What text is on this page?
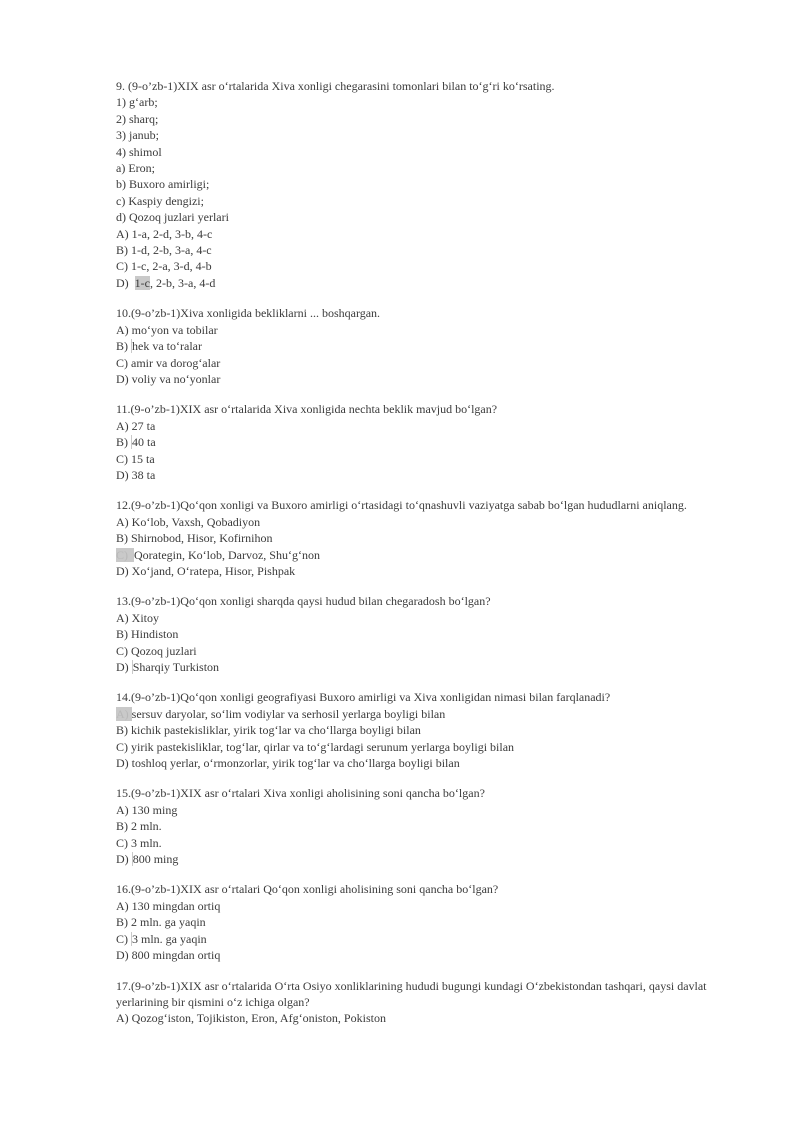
9. (9-o’zb-1)XIX asr o‘rtalarida Xiva xonligi chegarasini tomonlari bilan to‘g‘ri ko‘rsating.
1) g‘arb;
2) sharq;
3) janub;
4) shimol
a) Eron;
b) Buxoro amirligi;
c) Kaspiy dengizi;
d) Qozoq juzlari yerlari
A) 1-a, 2-d, 3-b, 4-c
B) 1-d, 2-b, 3-a, 4-c
C) 1-c, 2-a, 3-d, 4-b
D)  1-c, 2-b, 3-a, 4-d
10.(9-o’zb-1)Xiva xonligida bekliklarni ... boshqargan.
A) mo‘yon va tobilar
B)  hek va to‘ralar
C) amir va dorog‘alar
D) voliy va no‘yonlar
11.(9-o’zb-1)XIX asr o‘rtalarida Xiva xonligida nechta beklik mavjud bo‘lgan?
A) 27 ta
B)  40 ta
C) 15 ta
D) 38 ta
12.(9-o’zb-1)Qo‘qon xonligi va Buxoro amirligi o‘rtasidagi to‘qnashuvli vaziyatga sabab bo‘lgan hududlarni aniqlang.
A) Ko‘lob, Vaxsh, Qobadiyon
B) Shirnobod, Hisor, Kofirnihon
C) Qorategin, Ko‘lob, Darvoz, Shu‘g‘non
D) Xo‘jand, O‘ratepa, Hisor, Pishpak
13.(9-o’zb-1)Qo‘qon xonligi sharqda qaysi hudud bilan chegaradosh bo‘lgan?
A) Xitoy
B) Hindiston
C) Qozoq juzlari
D)  Sharqiy Turkiston
14.(9-o’zb-1)Qo‘qon xonligi geografiyasi Buxoro amirligi va Xiva xonligidan nimasi bilan farqlanadi?
A) sersuv daryolar, so‘lim vodiylar va serhosil yerlarga boyligi bilan
B) kichik pastekisliklar, yirik tog‘lar va cho‘llarga boyligi bilan
C) yirik pastekisliklar, tog‘lar, qirlar va to‘g‘lardagi serunum yerlarga boyligi bilan
D) toshloq yerlar, o‘rmonzorlar, yirik tog‘lar va cho‘llarga boyligi bilan
15.(9-o’zb-1)XIX asr o‘rtalari Xiva xonligi aholisining soni qancha bo‘lgan?
A) 130 ming
B) 2 mln.
C) 3 mln.
D)  800 ming
16.(9-o’zb-1)XIX asr o‘rtalari Qo‘qon xonligi aholisining soni qancha bo‘lgan?
A) 130 mingdan ortiq
B) 2 mln. ga yaqin
C)  3 mln. ga yaqin
D) 800 mingdan ortiq
17.(9-o’zb-1)XIX asr o‘rtalarida O‘rta Osiyo xonliklarining hududi bugungi kundagi O‘zbekistondan tashqari, qaysi davlat yerlarining bir qismini o‘z ichiga olgan?
A) Qozog‘iston, Tojikiston, Eron, Afg‘oniston, Pokiston
